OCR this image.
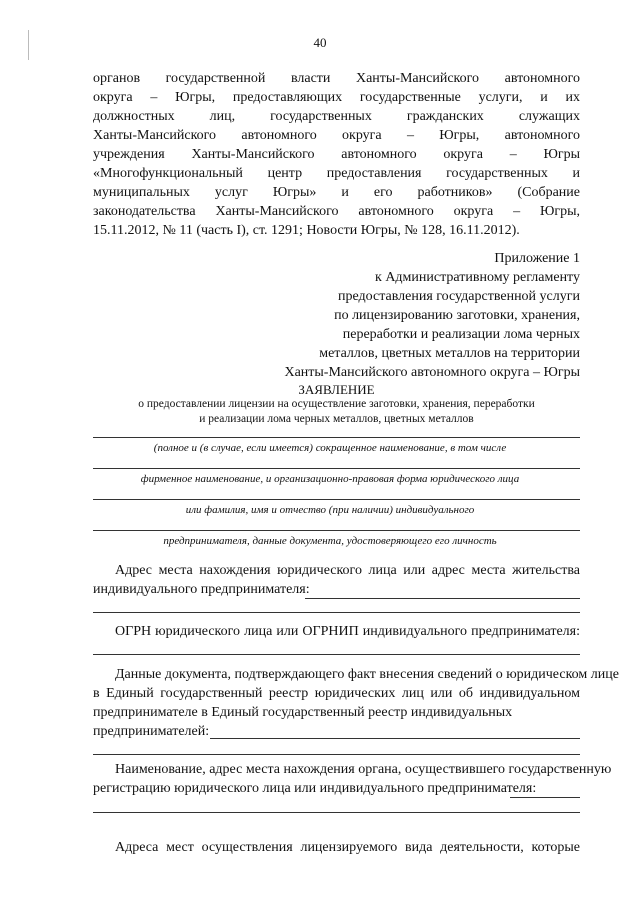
40
органов государственной власти Ханты-Мансийского автономного
округа – Югры, предоставляющих государственные услуги, и их
должностных лиц, государственных гражданских служащих
Ханты-Мансийского автономного округа – Югры, автономного
учреждения Ханты-Мансийского автономного округа – Югры
«Многофункциональный центр предоставления государственных и
муниципальных услуг Югры» и его работников» (Собрание
законодательства Ханты-Мансийского автономного округа – Югры,
15.11.2012, № 11 (часть I), ст. 1291; Новости Югры, № 128, 16.11.2012).
Приложение 1
к Административному регламенту
предоставления государственной услуги
по лицензированию заготовки, хранения,
переработки и реализации лома черных
металлов, цветных металлов на территории
Ханты-Мансийского автономного округа – Югры
ЗАЯВЛЕНИЕ
о предоставлении лицензии на осуществление заготовки, хранения, переработки
и реализации лома черных металлов, цветных металлов
(полное и (в случае, если имеется) сокращенное наименование, в том числе
фирменное наименование, и организационно-правовая форма юридического лица
или фамилия, имя и отчество (при наличии) индивидуального
предпринимателя, данные документа, удостоверяющего его личность
Адрес места нахождения юридического лица или адрес места жительства
индивидуального предпринимателя:
ОГРН юридического лица или ОГРНИП индивидуального предпринимателя:
Данные документа, подтверждающего факт внесения сведений о юридическом лице
в Единый государственный реестр юридических лиц или об индивидуальном
предпринимателе в Единый государственный реестр индивидуальных
предпринимателей:
Наименование, адрес места нахождения органа, осуществившего государственную
регистрацию юридического лица или индивидуального предпринимателя:
Адреса мест осуществления лицензируемого вида деятельности, которые
